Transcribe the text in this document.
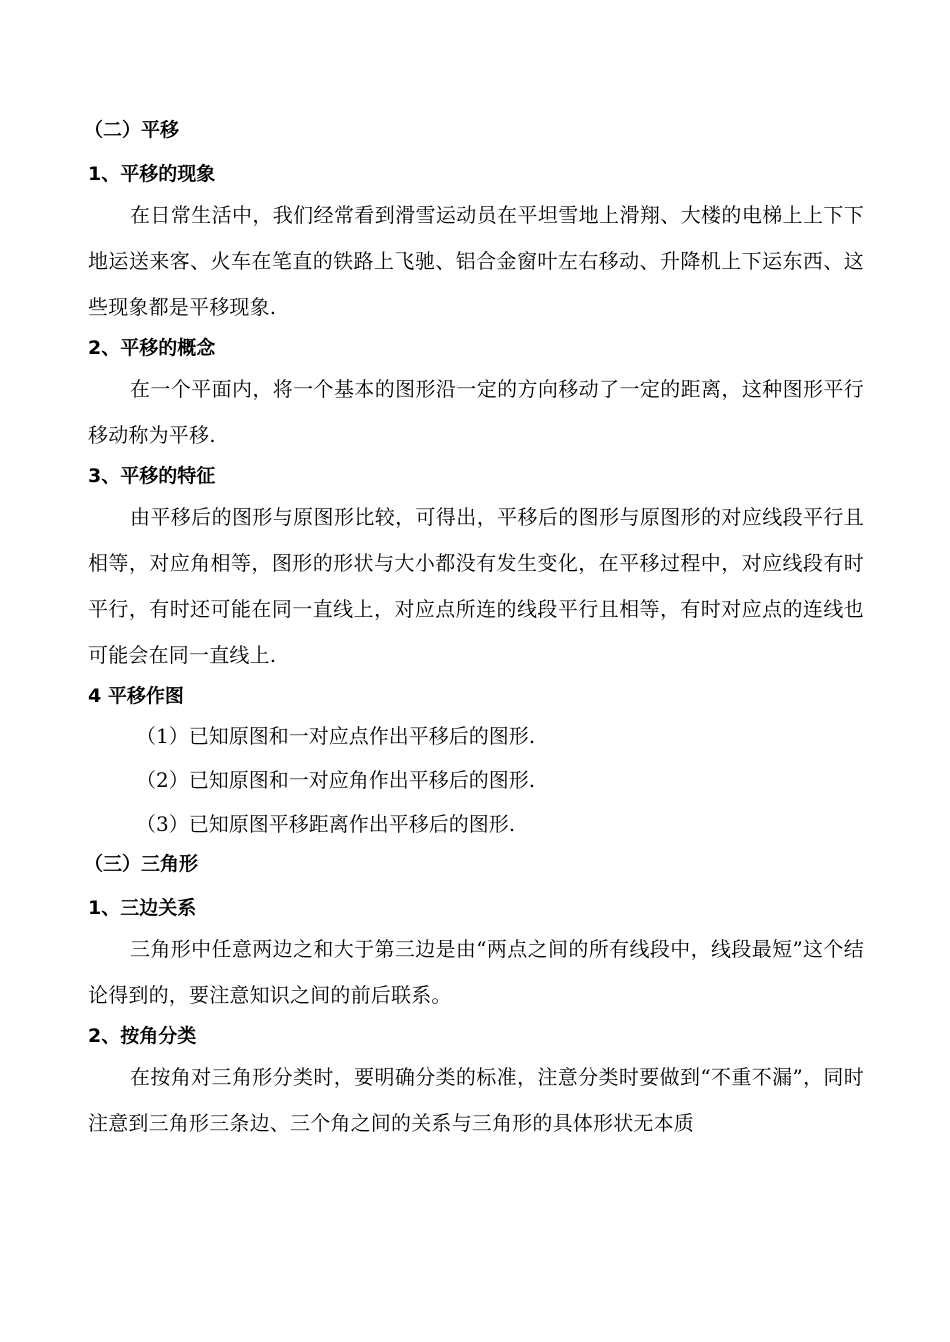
（二）平移
1、平移的现象

在日常生活中，我们经常看到滑雪运动员在平坦雪地上滑翔、大楼的电梯上上下下地运送来客、火车在笔直的铁路上飞驰、铝合金窗叶左右移动、升降机上下运东西、这些现象都是平移现象.

2、平移的概念

在一个平面内，将一个基本的图形沿一定的方向移动了一定的距离，这种图形平行移动称为平移.

3、平移的特征

由平移后的图形与原图形比较，可得出，平移后的图形与原图形的对应线段平行且相等，对应角相等，图形的形状与大小都没有发生变化，在平移过程中，对应线段有时平行，有时还可能在同一直线上，对应点所连的线段平行且相等，有时对应点的连线也可能会在同一直线上.

4 平移作图

（1）已知原图和一对应点作出平移后的图形.

（2）已知原图和一对应角作出平移后的图形.

（3）已知原图平移距离作出平移后的图形.

（三）三角形
1、三边关系

三角形中任意两边之和大于第三边是由“两点之间的所有线段中，线段最短”这个结论得到的，要注意知识之间的前后联系。

2、按角分类

在按角对三角形分类时，要明确分类的标准，注意分类时要做到“不重不漏”，同时注意到三角形三条边、三个角之间的关系与三角形的具体形状无本质
